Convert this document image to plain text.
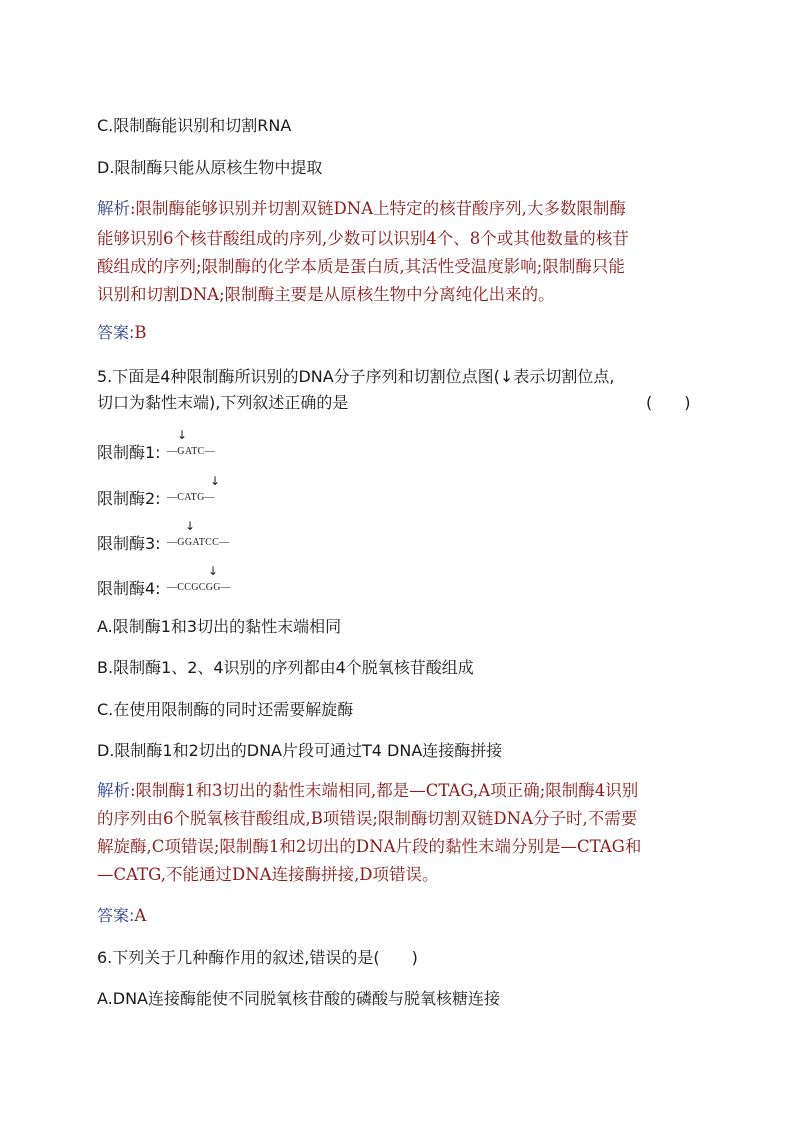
C.限制酶能识别和切割RNA
D.限制酶只能从原核生物中提取
解析:限制酶能够识别并切割双链DNA上特定的核苷酸序列,大多数限制酶
能够识别6个核苷酸组成的序列,少数可以识别4个、8个或其他数量的核苷
酸组成的序列;限制酶的化学本质是蛋白质,其活性受温度影响;限制酶只能
识别和切割DNA;限制酶主要是从原核生物中分离纯化出来的。
答案:B
5.下面是4种限制酶所识别的DNA分子序列和切割位点图(↓表示切割位点,
切口为黏性末端),下列叙述正确的是	(　　)
限制酶1:
↓
—GATC—
限制酶2:
↓
—CATG—
限制酶3:
↓
—GGATCC—
限制酶4:
↓
—CCGCGG—
A.限制酶1和3切出的黏性末端相同
B.限制酶1、2、4识别的序列都由4个脱氧核苷酸组成
C.在使用限制酶的同时还需要解旋酶
D.限制酶1和2切出的DNA片段可通过T4 DNA连接酶拼接
解析:限制酶1和3切出的黏性末端相同,都是—CTAG,A项正确;限制酶4识别
的序列由6个脱氧核苷酸组成,B项错误;限制酶切割双链DNA分子时,不需要
解旋酶,C项错误;限制酶1和2切出的DNA片段的黏性末端分别是—CTAG和
—CATG,不能通过DNA连接酶拼接,D项错误。
答案:A
6.下列关于几种酶作用的叙述,错误的是(　　)
A.DNA连接酶能使不同脱氧核苷酸的磷酸与脱氧核糖连接
